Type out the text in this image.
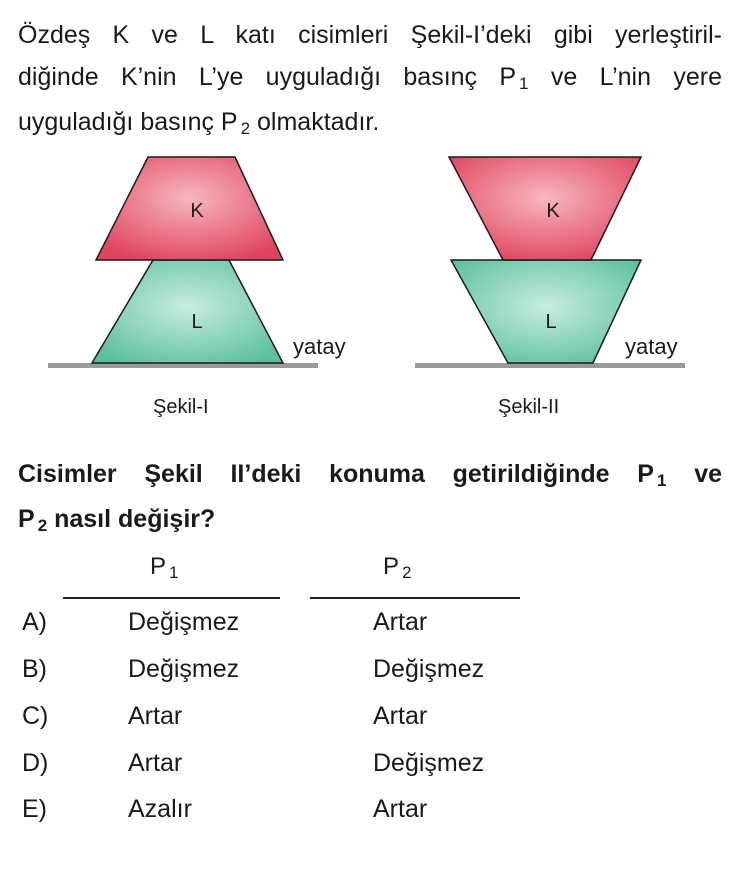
Özdeş K ve L katı cisimleri Şekil-I’deki gibi yerleştiril-
diğinde K’nin L’ye uyguladığı basınç P $_1$ ve L’nin yere
uyguladığı basınç P $_2$ olmaktadır.
K
L
K
L
yatay	yatay
Şekil-I	Şekil-II
Cisimler Şekil II’deki konuma getirildiğinde P $_1$ ve
P $_2$ nasıl değişir?
P $_1$	P $_2$
A)	Değişmez	Artar
B)	Değişmez	Değişmez
C)	Artar	Artar
D)	Artar	Değişmez
E)	Azalır	Artar
